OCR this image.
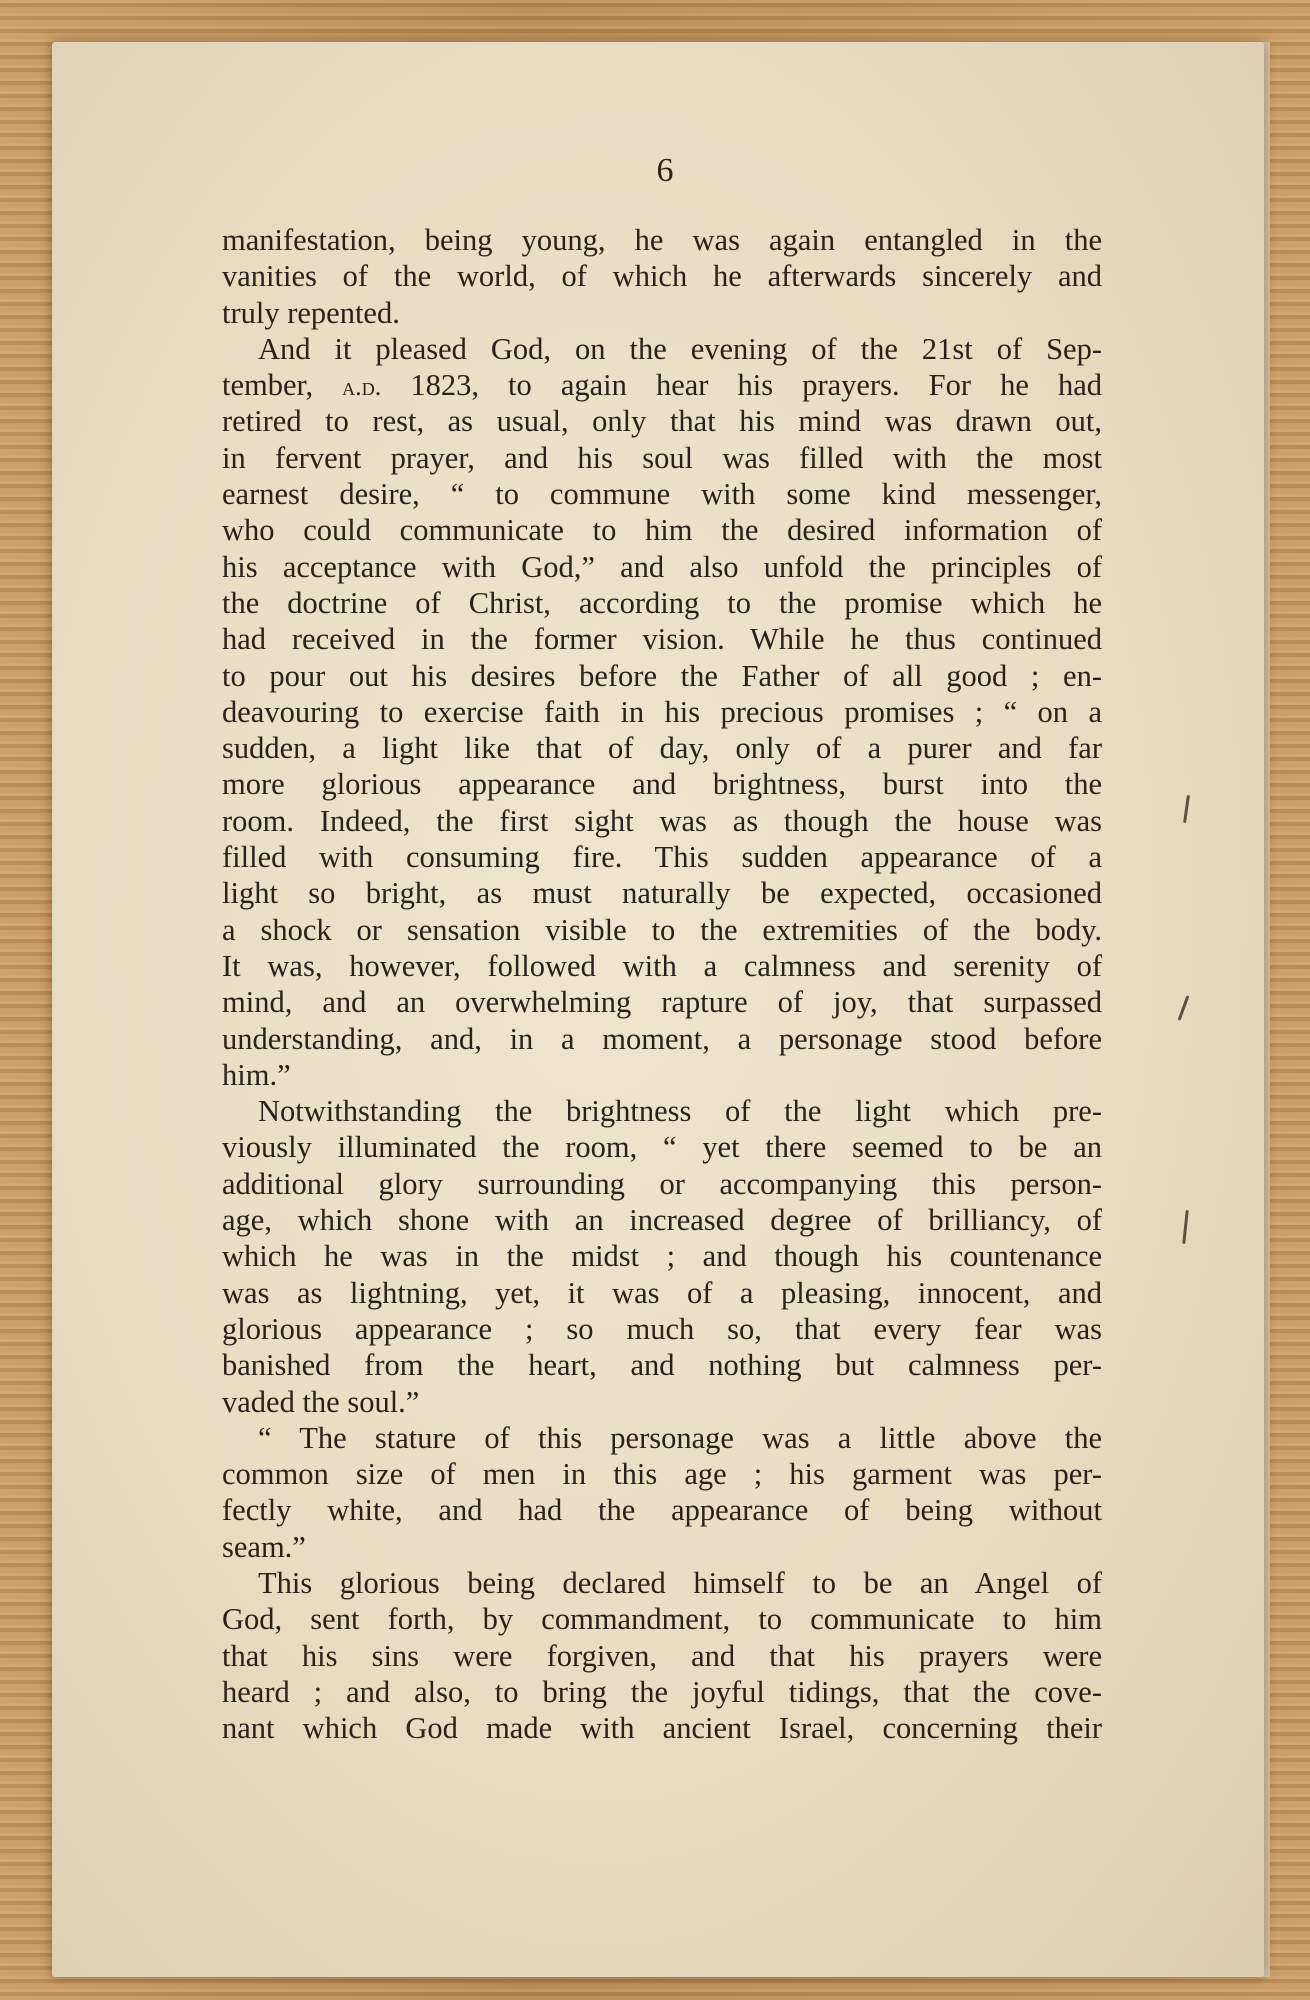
6
manifestation, being young, he was again entangled in the
vanities of the world, of which he afterwards sincerely and
truly repented.
And it pleased God, on the evening of the 21st of Sep-
tember, a.d. 1823, to again hear his prayers. For he had
retired to rest, as usual, only that his mind was drawn out,
in fervent prayer, and his soul was filled with the most
earnest desire, “ to commune with some kind messenger,
who could communicate to him the desired information of
his acceptance with God,” and also unfold the principles of
the doctrine of Christ, according to the promise which he
had received in the former vision. While he thus continued
to pour out his desires before the Father of all good ; en-
deavouring to exercise faith in his precious promises ; “ on a
sudden, a light like that of day, only of a purer and far
more glorious appearance and brightness, burst into the
room. Indeed, the first sight was as though the house was
filled with consuming fire. This sudden appearance of a
light so bright, as must naturally be expected, occasioned
a shock or sensation visible to the extremities of the body.
It was, however, followed with a calmness and serenity of
mind, and an overwhelming rapture of joy, that surpassed
understanding, and, in a moment, a personage stood before
him.”
Notwithstanding the brightness of the light which pre-
viously illuminated the room, “ yet there seemed to be an
additional glory surrounding or accompanying this person-
age, which shone with an increased degree of brilliancy, of
which he was in the midst ; and though his countenance
was as lightning, yet, it was of a pleasing, innocent, and
glorious appearance ; so much so, that every fear was
banished from the heart, and nothing but calmness per-
vaded the soul.”
“ The stature of this personage was a little above the
common size of men in this age ; his garment was per-
fectly white, and had the appearance of being without
seam.”
This glorious being declared himself to be an Angel of
God, sent forth, by commandment, to communicate to him
that his sins were forgiven, and that his prayers were
heard ; and also, to bring the joyful tidings, that the cove-
nant which God made with ancient Israel, concerning their
